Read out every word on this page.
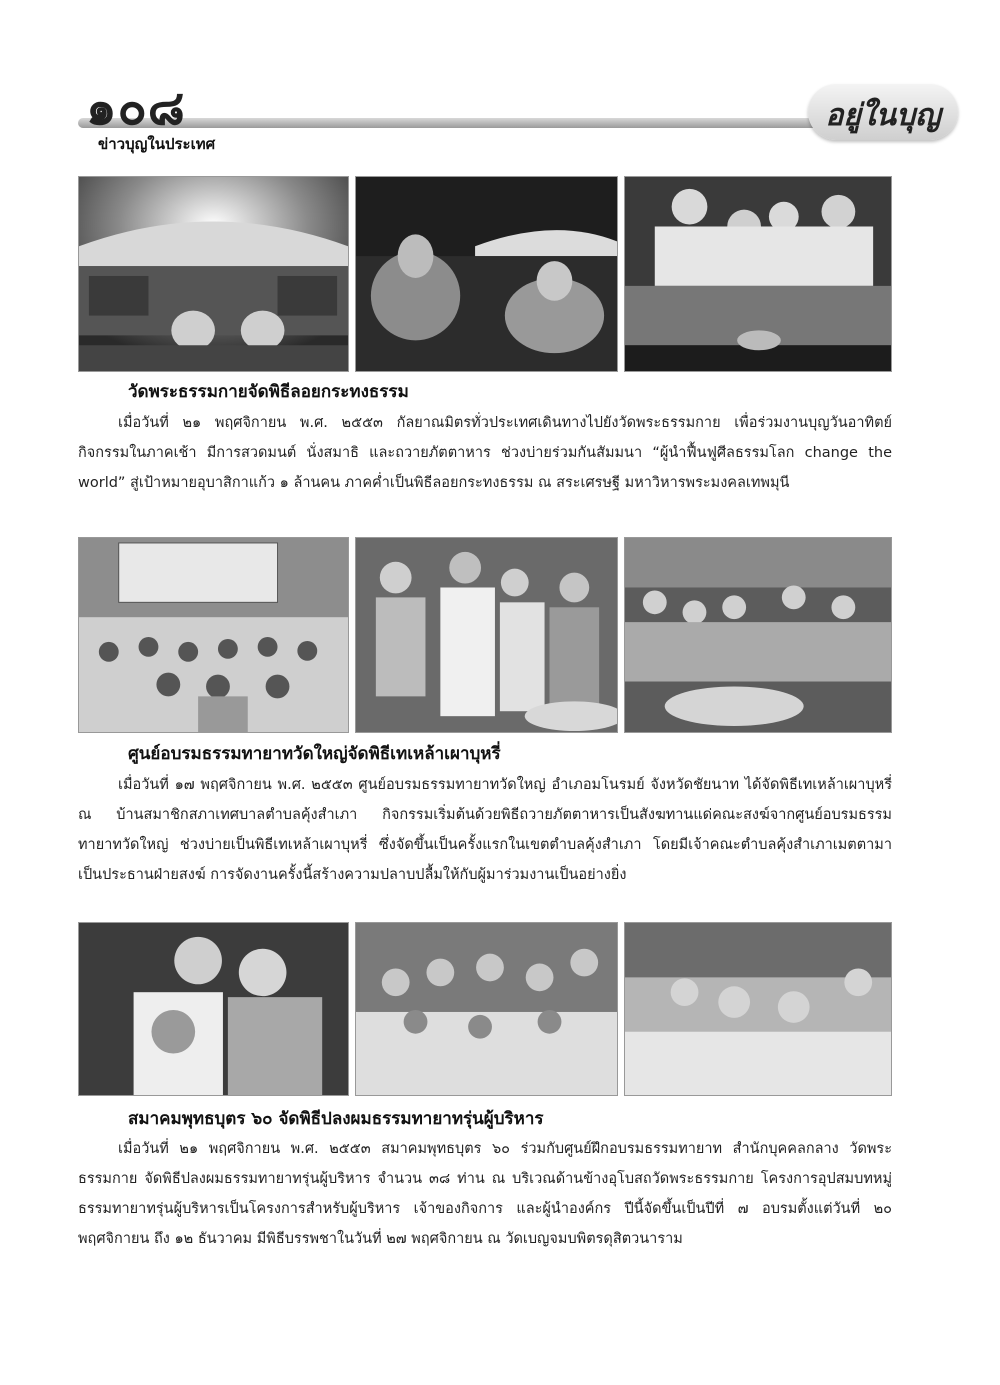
๑๐๘	อยู่ในบุญ
ข่าวบุญในประเทศ
วัดพระธรรมกายจัดพิธีลอยกระทงธรรม

เมื่อวันที่ ๒๑ พฤศจิกายน พ.ศ. ๒๕๕๓ กัลยาณมิตรทั่วประเทศเดินทางไปยังวัดพระธรรมกาย เพื่อร่วมงานบุญวันอาทิตย์ กิจกรรมในภาคเช้า มีการสวดมนต์ นั่งสมาธิ และถวายภัตตาหาร ช่วงบ่ายร่วมกันสัมมนา “ผู้นำฟื้นฟูศีลธรรมโลก change the world” สู่เป้าหมายอุบาสิกาแก้ว ๑ ล้านคน ภาคค่ำเป็นพิธีลอยกระทงธรรม ณ สระเศรษฐี มหาวิหารพระมงคลเทพมุนี

ศูนย์อบรมธรรมทายาทวัดใหญ่จัดพิธีเทเหล้าเผาบุหรี่

เมื่อวันที่ ๑๗ พฤศจิกายน พ.ศ. ๒๕๕๓ ศูนย์อบรมธรรมทายาทวัดใหญ่ อำเภอมโนรมย์ จังหวัดชัยนาท ได้จัดพิธีเทเหล้าเผาบุหรี่ ณ บ้านสมาชิกสภาเทศบาลตำบลคุ้งสำเภา กิจกรรมเริ่มต้นด้วยพิธีถวายภัตตาหารเป็นสังฆทานแด่คณะสงฆ์จากศูนย์อบรมธรรมทายาทวัดใหญ่ ช่วงบ่ายเป็นพิธีเทเหล้าเผาบุหรี่ ซึ่งจัดขึ้นเป็นครั้งแรกในเขตตำบลคุ้งสำเภา โดยมีเจ้าคณะตำบลคุ้งสำเภาเมตตามาเป็นประธานฝ่ายสงฆ์ การจัดงานครั้งนี้สร้างความปลาบปลื้มให้กับผู้มาร่วมงานเป็นอย่างยิ่ง

สมาคมพุทธบุตร ๖๐ จัดพิธีปลงผมธรรมทายาทรุ่นผู้บริหาร

เมื่อวันที่ ๒๑ พฤศจิกายน พ.ศ. ๒๕๕๓ สมาคมพุทธบุตร ๖๐ ร่วมกับศูนย์ฝึกอบรมธรรมทายาท สำนักบุคคลกลาง วัดพระธรรมกาย จัดพิธีปลงผมธรรมทายาทรุ่นผู้บริหาร จำนวน ๓๘ ท่าน ณ บริเวณด้านข้างอุโบสถวัดพระธรรมกาย โครงการอุปสมบทหมู่ธรรมทายาทรุ่นผู้บริหารเป็นโครงการสำหรับผู้บริหาร เจ้าของกิจการ และผู้นำองค์กร ปีนี้จัดขึ้นเป็นปีที่ ๗ อบรมตั้งแต่วันที่ ๒๐ พฤศจิกายน ถึง ๑๒ ธันวาคม มีพิธีบรรพชาในวันที่ ๒๗ พฤศจิกายน ณ วัดเบญจมบพิตรดุสิตวนาราม
